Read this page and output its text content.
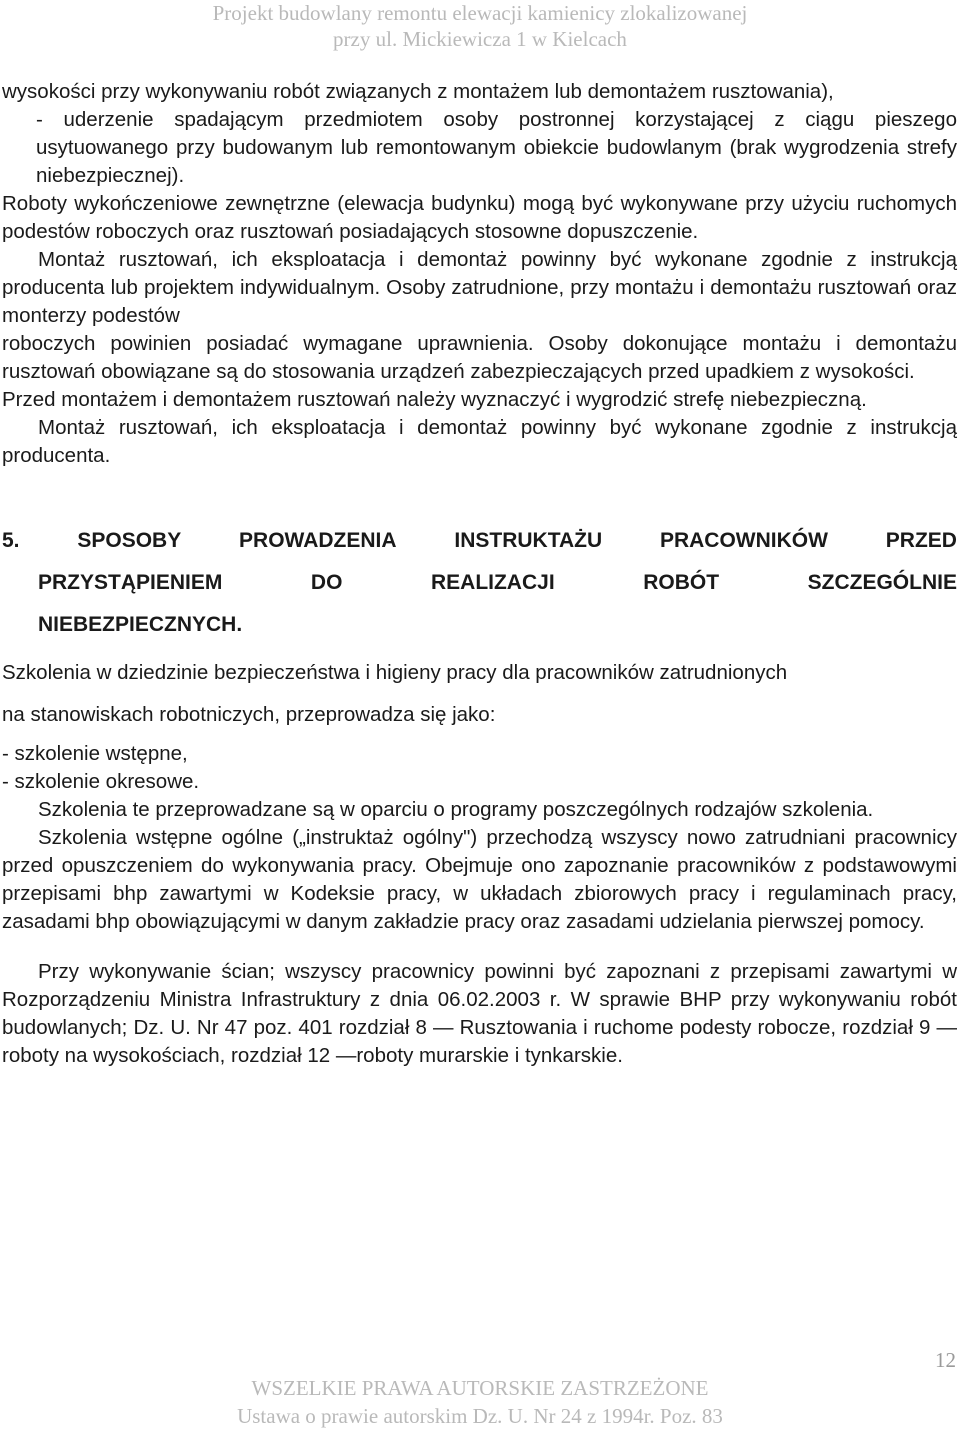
Projekt budowlany remontu elewacji kamienicy zlokalizowanej
przy ul. Mickiewicza 1 w Kielcach

wysokości przy wykonywaniu robót związanych z montażem lub demontażem rusztowania),

- uderzenie spadającym przedmiotem osoby postronnej korzystającej z ciągu pieszego usytuowanego przy budowanym lub remontowanym obiekcie budowlanym (brak wygrodzenia strefy niebezpiecznej).

Roboty wykończeniowe zewnętrzne (elewacja budynku) mogą być wykonywane przy użyciu ruchomych podestów roboczych oraz rusztowań posiadających stosowne dopuszczenie.

Montaż rusztowań, ich eksploatacja i demontaż powinny być wykonane zgodnie z instrukcją producenta lub projektem indywidualnym. Osoby zatrudnione, przy montażu i demontażu rusztowań oraz monterzy podestów

roboczych powinien posiadać wymagane uprawnienia. Osoby dokonujące montażu i demontażu rusztowań obowiązane są do stosowania urządzeń zabezpieczających przed upadkiem z wysokości.

Przed montażem i demontażem rusztowań należy wyznaczyć i wygrodzić strefę niebezpieczną.

Montaż rusztowań, ich eksploatacja i demontaż powinny być wykonane zgodnie z instrukcją producenta.

5.	SPOSOBY	PROWADZENIA	INSTRUKTAŻU	PRACOWNIKÓW	PRZED
PRZYSTĄPIENIEM	DO	REALIZACJI	ROBÓT	SZCZEGÓLNIE
NIEBEZPIECZNYCH.

Szkolenia w dziedzinie bezpieczeństwa i higieny pracy dla pracowników zatrudnionych

na stanowiskach robotniczych, przeprowadza się jako:

- szkolenie wstępne,

- szkolenie okresowe.

Szkolenia te przeprowadzane są w oparciu o programy poszczególnych rodzajów szkolenia.

Szkolenia wstępne ogólne („instruktaż ogólny") przechodzą wszyscy nowo zatrudniani pracownicy przed opuszczeniem do wykonywania pracy. Obejmuje ono zapoznanie pracowników z podstawowymi przepisami bhp zawartymi w Kodeksie pracy, w układach zbiorowych pracy i regulaminach pracy, zasadami bhp obowiązującymi w danym zakładzie pracy oraz zasadami udzielania pierwszej pomocy.

Przy wykonywanie ścian; wszyscy pracownicy powinni być zapoznani z przepisami zawartymi w Rozporządzeniu Ministra Infrastruktury z dnia 06.02.2003 r. W sprawie BHP przy wykonywaniu robót budowlanych; Dz. U. Nr 47 poz. 401 rozdział 8 — Rusztowania i ruchome podesty robocze, rozdział 9 —roboty na wysokościach, rozdział 12 —roboty murarskie i tynkarskie.

12
WSZELKIE PRAWA AUTORSKIE ZASTRZEŻONE
Ustawa o prawie autorskim Dz. U. Nr 24 z 1994r. Poz. 83
